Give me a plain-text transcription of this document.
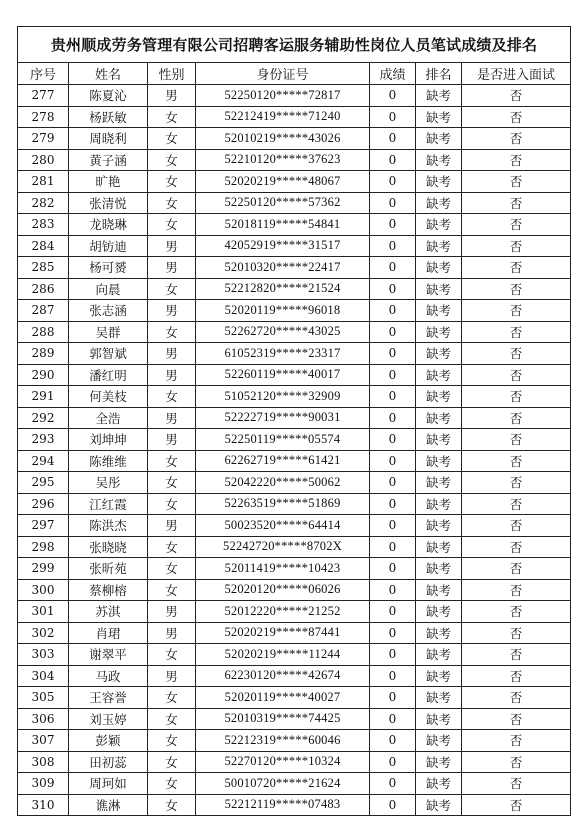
贵州顺成劳务管理有限公司招聘客运服务辅助性岗位人员笔试成绩及排名						
序号	姓名	性别	身份证号	成绩	排名	是否进入面试
277	陈夏沁	男	52250120*****72817	0	缺考	否
278	杨跃敏	女	52212419*****71240	0	缺考	否
279	周晓利	女	52010219*****43026	0	缺考	否
280	黄子涵	女	52210120*****37623	0	缺考	否
281	旷艳	女	52020219*****48067	0	缺考	否
282	张清悦	女	52250120*****57362	0	缺考	否
283	龙晓琳	女	52018119*****54841	0	缺考	否
284	胡钫迪	男	42052919*****31517	0	缺考	否
285	杨可赟	男	52010320*****22417	0	缺考	否
286	向晨	女	52212820*****21524	0	缺考	否
287	张志涵	男	52020119*****96018	0	缺考	否
288	吴群	女	52262720*****43025	0	缺考	否
289	郭智斌	男	61052319*****23317	0	缺考	否
290	潘红明	男	52260119*****40017	0	缺考	否
291	何美枝	女	51052120*****32909	0	缺考	否
292	全浩	男	52222719*****90031	0	缺考	否
293	刘坤坤	男	52250119*****05574	0	缺考	否
294	陈维维	女	62262719*****61421	0	缺考	否
295	吴彤	女	52042220*****50062	0	缺考	否
296	江红霞	女	52263519*****51869	0	缺考	否
297	陈洪杰	男	50023520*****64414	0	缺考	否
298	张晓晓	女	52242720*****8702X	0	缺考	否
299	张昕苑	女	52011419*****10423	0	缺考	否
300	蔡柳榕	女	52020120*****06026	0	缺考	否
301	苏淇	男	52012220*****21252	0	缺考	否
302	肖珺	男	52020219*****87441	0	缺考	否
303	谢翠平	女	52020219*****11244	0	缺考	否
304	马政	男	62230120*****42674	0	缺考	否
305	王容誉	女	52020119*****40027	0	缺考	否
306	刘玉婷	女	52010319*****74425	0	缺考	否
307	彭颖	女	52212319*****60046	0	缺考	否
308	田初蕊	女	52270120*****10324	0	缺考	否
309	周珂如	女	50010720*****21624	0	缺考	否
310	谯淋	女	52212119*****07483	0	缺考	否
